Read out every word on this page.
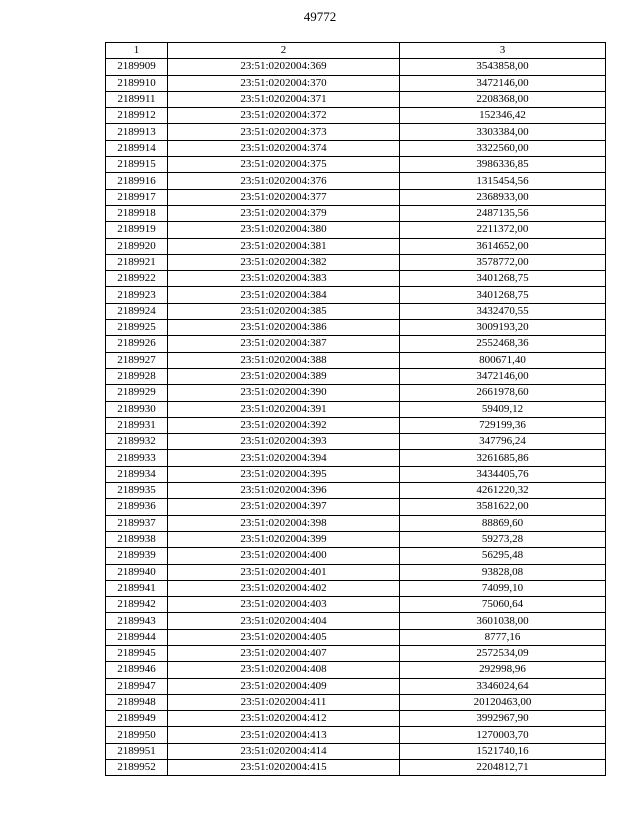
49772
1	2	3
2189909	23:51:0202004:369	3543858,00
2189910	23:51:0202004:370	3472146,00
2189911	23:51:0202004:371	2208368,00
2189912	23:51:0202004:372	152346,42
2189913	23:51:0202004:373	3303384,00
2189914	23:51:0202004:374	3322560,00
2189915	23:51:0202004:375	3986336,85
2189916	23:51:0202004:376	1315454,56
2189917	23:51:0202004:377	2368933,00
2189918	23:51:0202004:379	2487135,56
2189919	23:51:0202004:380	2211372,00
2189920	23:51:0202004:381	3614652,00
2189921	23:51:0202004:382	3578772,00
2189922	23:51:0202004:383	3401268,75
2189923	23:51:0202004:384	3401268,75
2189924	23:51:0202004:385	3432470,55
2189925	23:51:0202004:386	3009193,20
2189926	23:51:0202004:387	2552468,36
2189927	23:51:0202004:388	800671,40
2189928	23:51:0202004:389	3472146,00
2189929	23:51:0202004:390	2661978,60
2189930	23:51:0202004:391	59409,12
2189931	23:51:0202004:392	729199,36
2189932	23:51:0202004:393	347796,24
2189933	23:51:0202004:394	3261685,86
2189934	23:51:0202004:395	3434405,76
2189935	23:51:0202004:396	4261220,32
2189936	23:51:0202004:397	3581622,00
2189937	23:51:0202004:398	88869,60
2189938	23:51:0202004:399	59273,28
2189939	23:51:0202004:400	56295,48
2189940	23:51:0202004:401	93828,08
2189941	23:51:0202004:402	74099,10
2189942	23:51:0202004:403	75060,64
2189943	23:51:0202004:404	3601038,00
2189944	23:51:0202004:405	8777,16
2189945	23:51:0202004:407	2572534,09
2189946	23:51:0202004:408	292998,96
2189947	23:51:0202004:409	3346024,64
2189948	23:51:0202004:411	20120463,00
2189949	23:51:0202004:412	3992967,90
2189950	23:51:0202004:413	1270003,70
2189951	23:51:0202004:414	1521740,16
2189952	23:51:0202004:415	2204812,71
